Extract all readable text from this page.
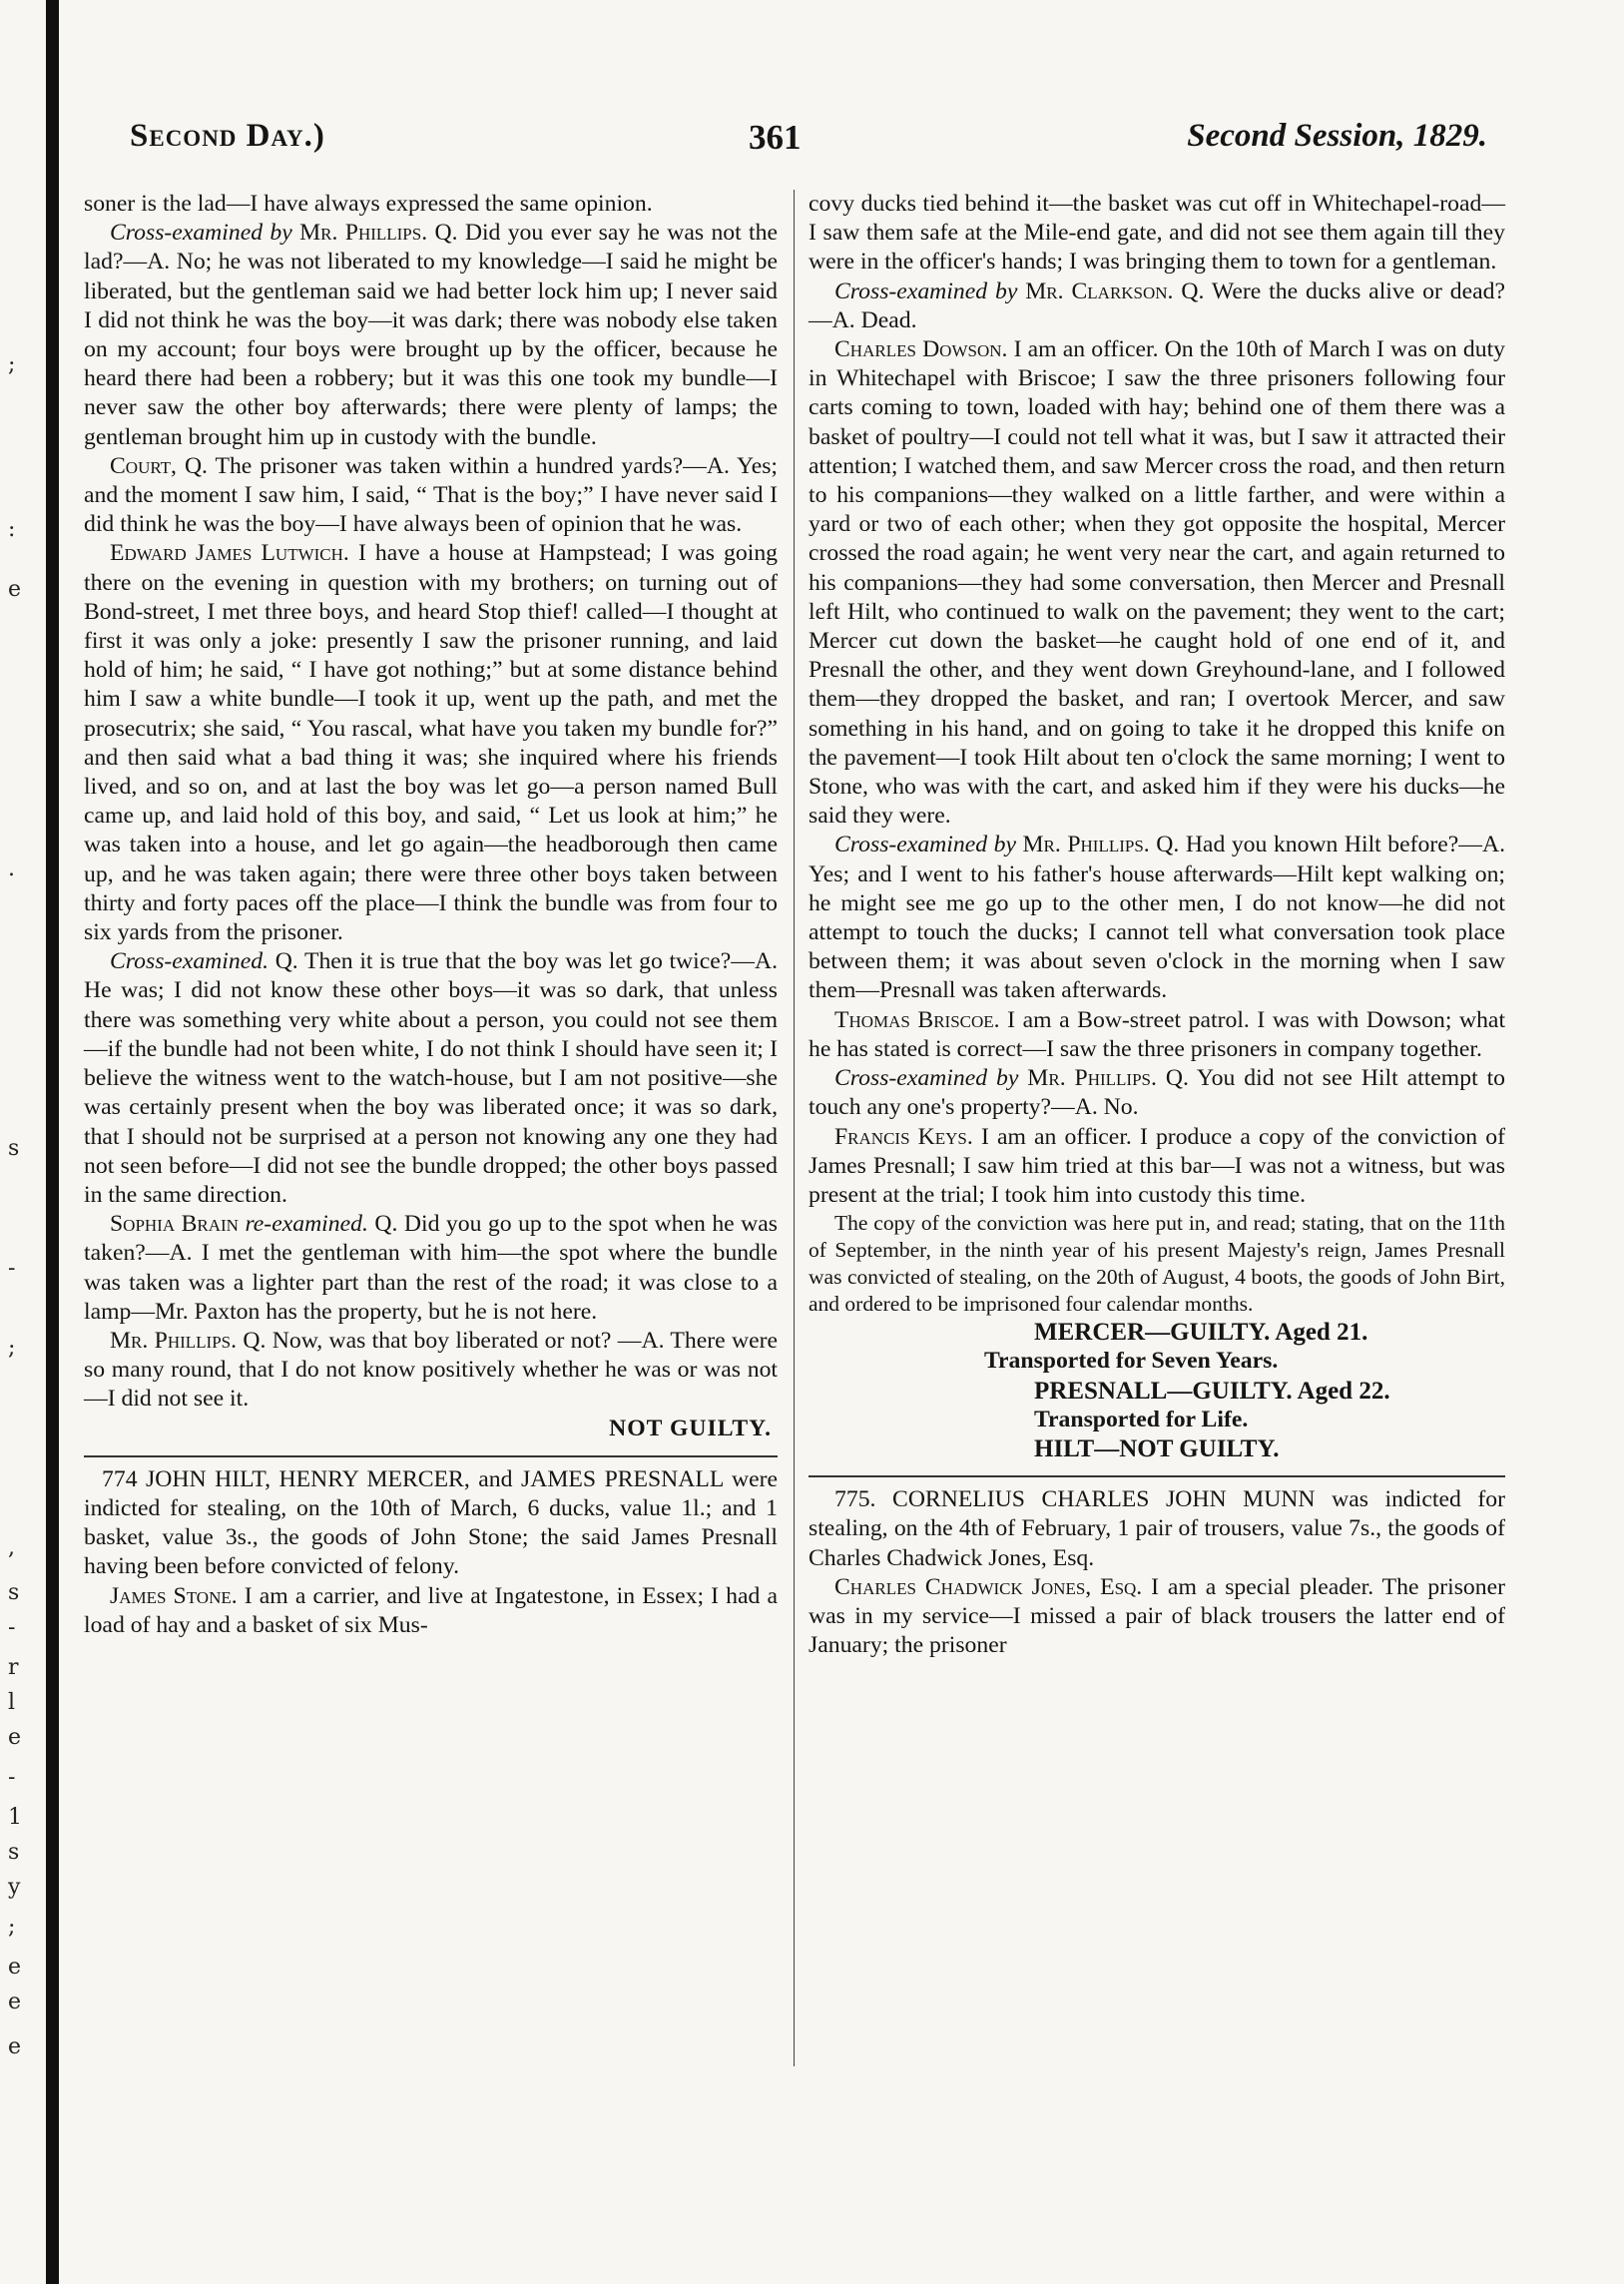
;
:
e
.
s
-
;
,
s
-
r
l
e
-
1
s
y
;
e
e
e
Second Day.)	361	Second Session, 1829.

soner is the lad—I have always expressed the same opinion.

Cross-examined by Mr. Phillips. Q. Did you ever say he was not the lad?—A. No; he was not liberated to my knowledge—I said he might be liberated, but the gentleman said we had better lock him up; I never said I did not think he was the boy—it was dark; there was nobody else taken on my account; four boys were brought up by the officer, because he heard there had been a robbery; but it was this one took my bundle—I never saw the other boy afterwards; there were plenty of lamps; the gentleman brought him up in custody with the bundle.

Court, Q. The prisoner was taken within a hundred yards?—A. Yes; and the moment I saw him, I said, “ That is the boy;” I have never said I did think he was the boy—I have always been of opinion that he was.

Edward James Lutwich. I have a house at Hampstead; I was going there on the evening in question with my brothers; on turning out of Bond-street, I met three boys, and heard Stop thief! called—I thought at first it was only a joke: presently I saw the prisoner running, and laid hold of him; he said, “ I have got nothing;” but at some distance behind him I saw a white bundle—I took it up, went up the path, and met the prosecutrix; she said, “ You rascal, what have you taken my bundle for?” and then said what a bad thing it was; she inquired where his friends lived, and so on, and at last the boy was let go—a person named Bull came up, and laid hold of this boy, and said, “ Let us look at him;” he was taken into a house, and let go again—the headborough then came up, and he was taken again; there were three other boys taken between thirty and forty paces off the place—I think the bundle was from four to six yards from the prisoner.

Cross-examined. Q. Then it is true that the boy was let go twice?—A. He was; I did not know these other boys—it was so dark, that unless there was something very white about a person, you could not see them—if the bundle had not been white, I do not think I should have seen it; I believe the witness went to the watch-house, but I am not positive—she was certainly present when the boy was liberated once; it was so dark, that I should not be surprised at a person not knowing any one they had not seen before—I did not see the bundle dropped; the other boys passed in the same direction.

Sophia Brain re-examined. Q. Did you go up to the spot when he was taken?—A. I met the gentleman with him—the spot where the bundle was taken was a lighter part than the rest of the road; it was close to a lamp—Mr. Paxton has the property, but he is not here.

Mr. Phillips. Q. Now, was that boy liberated or not? —A. There were so many round, that I do not know positively whether he was or was not—I did not see it.

NOT GUILTY.

774 JOHN HILT, HENRY MERCER, and JAMES PRESNALL were indicted for stealing, on the 10th of March, 6 ducks, value 1l.; and 1 basket, value 3s., the goods of John Stone; the said James Presnall having been before convicted of felony.

James Stone. I am a carrier, and live at Ingatestone, in Essex; I had a load of hay and a basket of six Mus-

covy ducks tied behind it—the basket was cut off in Whitechapel-road—I saw them safe at the Mile-end gate, and did not see them again till they were in the officer's hands; I was bringing them to town for a gentleman.

Cross-examined by Mr. Clarkson. Q. Were the ducks alive or dead?—A. Dead.

Charles Dowson. I am an officer. On the 10th of March I was on duty in Whitechapel with Briscoe; I saw the three prisoners following four carts coming to town, loaded with hay; behind one of them there was a basket of poultry—I could not tell what it was, but I saw it attracted their attention; I watched them, and saw Mercer cross the road, and then return to his companions—they walked on a little farther, and were within a yard or two of each other; when they got opposite the hospital, Mercer crossed the road again; he went very near the cart, and again returned to his companions—they had some conversation, then Mercer and Presnall left Hilt, who continued to walk on the pavement; they went to the cart; Mercer cut down the basket—he caught hold of one end of it, and Presnall the other, and they went down Greyhound-lane, and I followed them—they dropped the basket, and ran; I overtook Mercer, and saw something in his hand, and on going to take it he dropped this knife on the pavement—I took Hilt about ten o'clock the same morning; I went to Stone, who was with the cart, and asked him if they were his ducks—he said they were.

Cross-examined by Mr. Phillips. Q. Had you known Hilt before?—A. Yes; and I went to his father's house afterwards—Hilt kept walking on; he might see me go up to the other men, I do not know—he did not attempt to touch the ducks; I cannot tell what conversation took place between them; it was about seven o'clock in the morning when I saw them—Presnall was taken afterwards.

Thomas Briscoe. I am a Bow-street patrol. I was with Dowson; what he has stated is correct—I saw the three prisoners in company together.

Cross-examined by Mr. Phillips. Q. You did not see Hilt attempt to touch any one's property?—A. No.

Francis Keys. I am an officer. I produce a copy of the conviction of James Presnall; I saw him tried at this bar—I was not a witness, but was present at the trial; I took him into custody this time.

The copy of the conviction was here put in, and read; stating, that on the 11th of September, in the ninth year of his present Majesty's reign, James Presnall was convicted of stealing, on the 20th of August, 4 boots, the goods of John Birt, and ordered to be imprisoned four calendar months.

MERCER—GUILTY. Aged 21.

Transported for Seven Years.

PRESNALL—GUILTY. Aged 22.

Transported for Life.

HILT—NOT GUILTY.

775. CORNELIUS CHARLES JOHN MUNN was indicted for stealing, on the 4th of February, 1 pair of trousers, value 7s., the goods of Charles Chadwick Jones, Esq.

Charles Chadwick Jones, Esq. I am a special pleader. The prisoner was in my service—I missed a pair of black trousers the latter end of January; the prisoner
